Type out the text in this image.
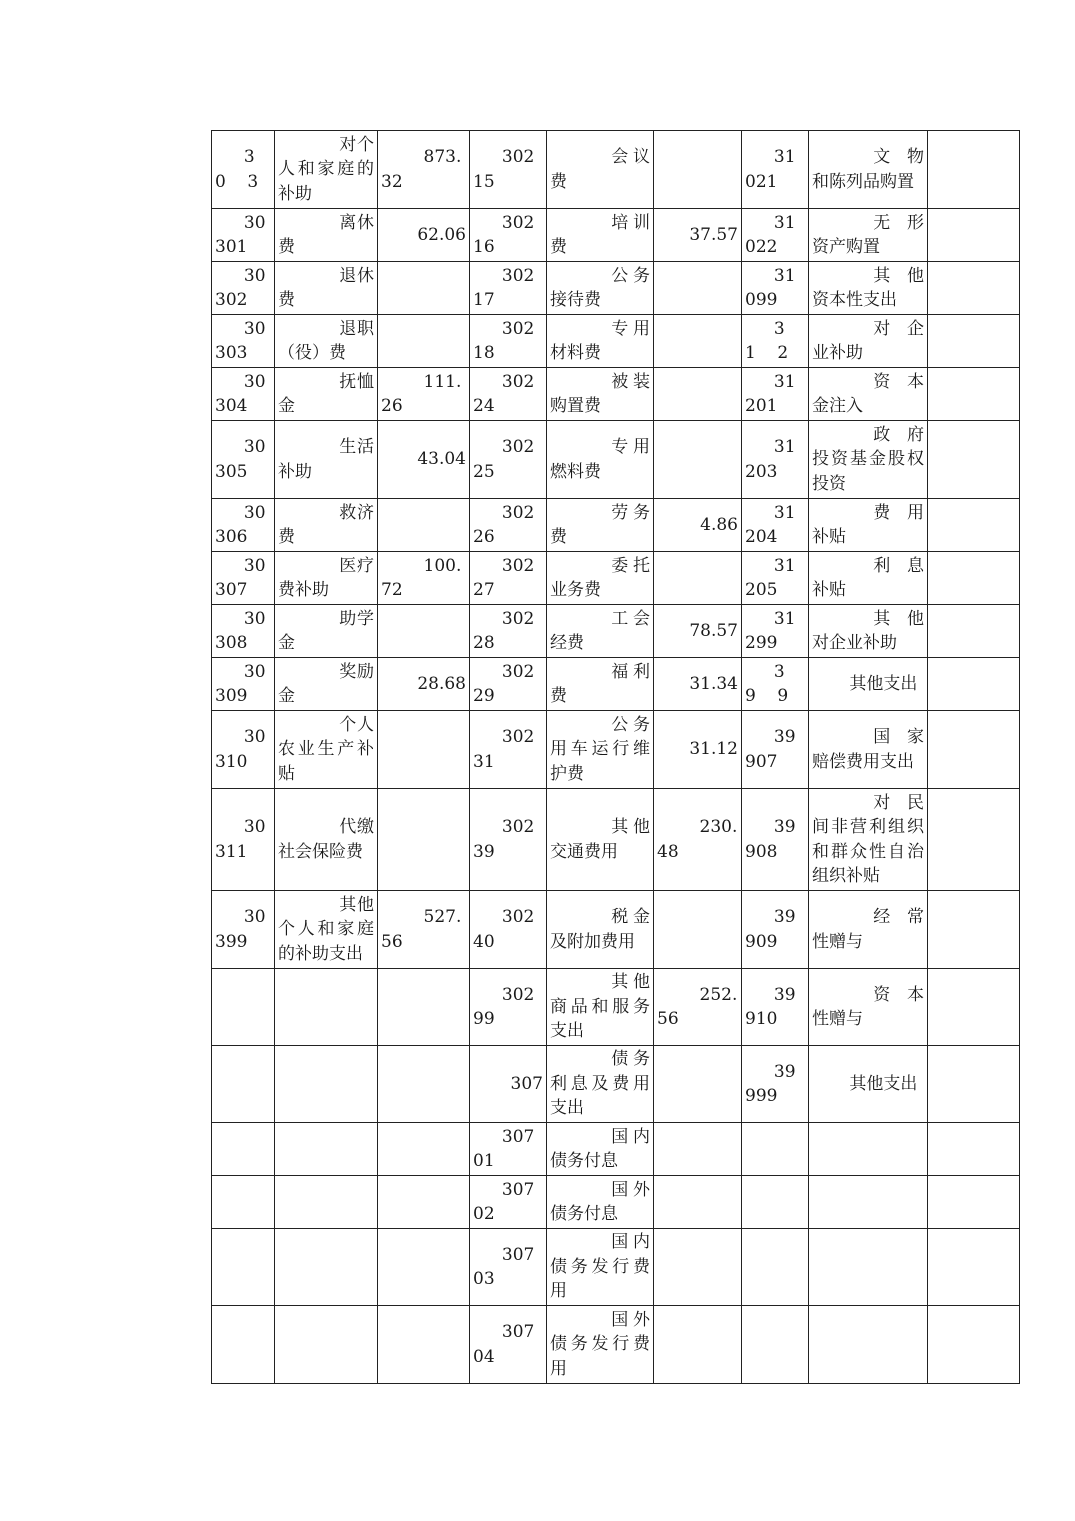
30    3	对个人和家庭的补助	873.32	30215	会议费		31021	文物和陈列品购置	
30301	离休费	62.06	30216	培训费	37.57	31022	无形资产购置	
30302	退休费		30217	公务接待费		31099	其他资本性支出	
30303	退职（役）费		30218	专用材料费		31    2	对企业补助	
30304	抚恤金	111.26	30224	被装购置费		31201	资本金注入	
30305	生活补助	43.04	30225	专用燃料费		31203	政府投资基金股权投资	
30306	救济费		30226	劳务费	4.86	31204	费用补贴	
30307	医疗费补助	100.72	30227	委托业务费		31205	利息补贴	
30308	助学金		30228	工会经费	78.57	31299	其他对企业补助	
30309	奖励金	28.68	30229	福利费	31.34	39    9	其他支出	
30310	个人农业生产补贴		30231	公务用车运行维护费	31.12	39907	国家赔偿费用支出	
30311	代缴社会保险费		30239	其他交通费用	230.48	39908	对民间非营利组织和群众性自治组织补贴	
30399	其他个人和家庭的补助支出	527.56	30240	税金及附加费用		39909	经常性赠与	
			30299	其他商品和服务支出	252.56	39910	资本性赠与	
			307	债务利息及费用支出		39999	其他支出	
			30701	国内债务付息				
			30702	国外债务付息				
			30703	国内债务发行费用				
			30704	国外债务发行费用				
